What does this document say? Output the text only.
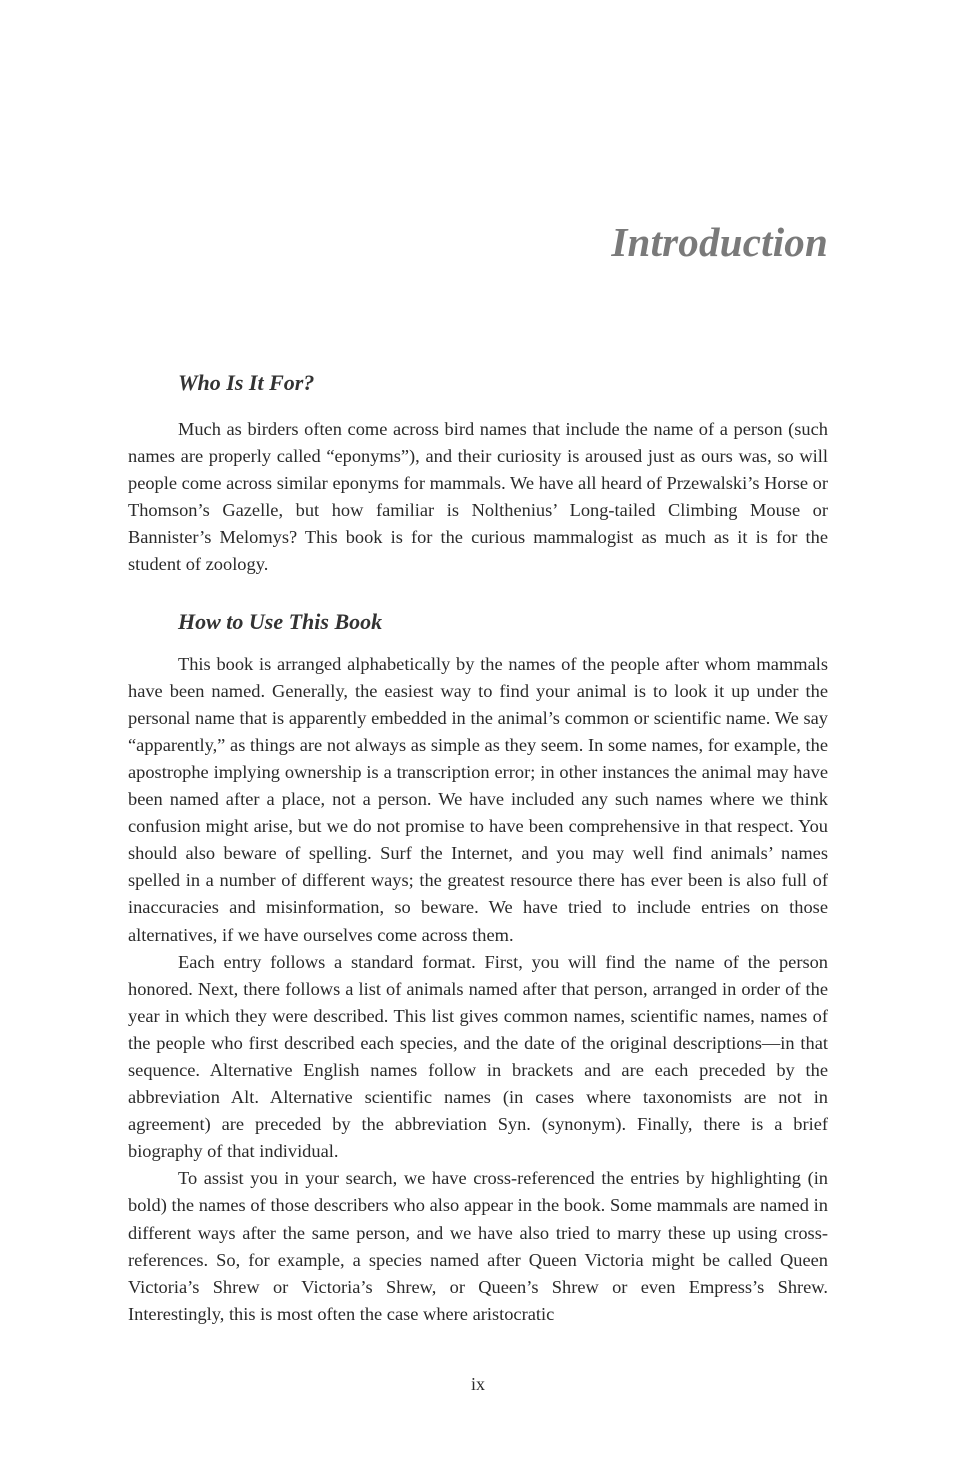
Introduction
Who Is It For?

Much as birders often come across bird names that include the name of a person (such names are properly called “eponyms”), and their curiosity is aroused just as ours was, so will people come across similar eponyms for mammals. We have all heard of Przewalski’s Horse or Thomson’s Gazelle, but how familiar is Nolthenius’ Long-tailed Climbing Mouse or Bannister’s Melomys? This book is for the curious mammalogist as much as it is for the student of zoology.

How to Use This Book

This book is arranged alphabetically by the names of the people after whom mammals have been named. Generally, the easiest way to find your animal is to look it up under the personal name that is apparently embedded in the animal’s common or scientific name. We say “apparently,” as things are not always as simple as they seem. In some names, for example, the apostrophe implying ownership is a transcription error; in other instances the animal may have been named after a place, not a person. We have included any such names where we think confusion might arise, but we do not promise to have been comprehensive in that respect. You should also beware of spelling. Surf the Internet, and you may well find animals’ names spelled in a number of different ways; the greatest resource there has ever been is also full of inaccuracies and misinformation, so beware. We have tried to include entries on those alternatives, if we have ourselves come across them.

Each entry follows a standard format. First, you will find the name of the person honored. Next, there follows a list of animals named after that person, arranged in order of the year in which they were described. This list gives common names, scientific names, names of the people who first described each species, and the date of the original descriptions—in that sequence. Alternative English names follow in brackets and are each preceded by the abbreviation Alt. Alternative scientific names (in cases where taxonomists are not in agreement) are preceded by the abbreviation Syn. (synonym). Finally, there is a brief biography of that individual.

To assist you in your search, we have cross-referenced the entries by highlighting (in bold) the names of those describers who also appear in the book. Some mammals are named in different ways after the same person, and we have also tried to marry these up using cross-references. So, for example, a species named after Queen Victoria might be called Queen Victoria’s Shrew or Victoria’s Shrew, or Queen’s Shrew or even Empress’s Shrew. Interestingly, this is most often the case where aristocratic

ix
